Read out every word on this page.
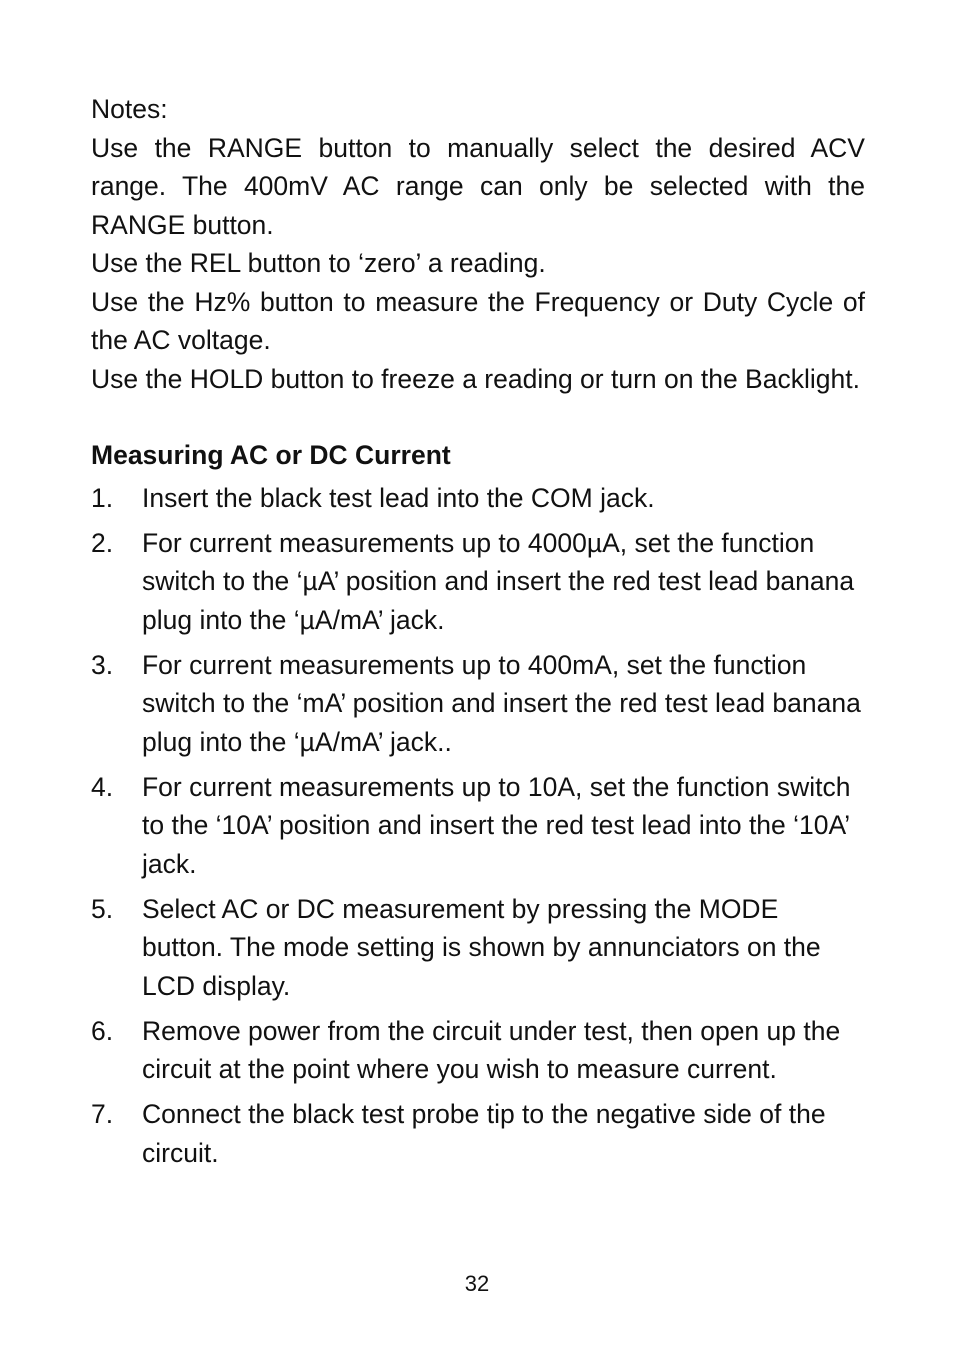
Notes:

Use the RANGE button to manually select the desired ACV range. The 400mV AC range can only be selected with the RANGE button.

Use the REL button to ‘zero’ a reading.

Use the Hz% button to measure the Frequency or Duty Cycle of the AC voltage.

Use the HOLD button to freeze a reading or turn on the Backlight.

Measuring AC or DC Current
1.	Insert the black test lead into the COM jack.
2.	For current measurements up to 4000µA, set the function switch to the ‘µA’ position and insert the red test lead banana plug into the ‘µA/mA’ jack.
3.	For current measurements up to 400mA, set the function switch to the ‘mA’ position and insert the red test lead banana plug into the ‘µA/mA’ jack..
4.	For current measurements up to 10A, set the function switch to the ‘10A’ position and insert the red test lead into the ‘10A’ jack.
5.	Select AC or DC measurement by pressing the MODE button. The mode setting is shown by annunciators on the LCD display.
6.	Remove power from the circuit under test, then open up the circuit at the point where you wish to measure current.
7.	Connect the black test probe tip to the negative side of the circuit.
32
